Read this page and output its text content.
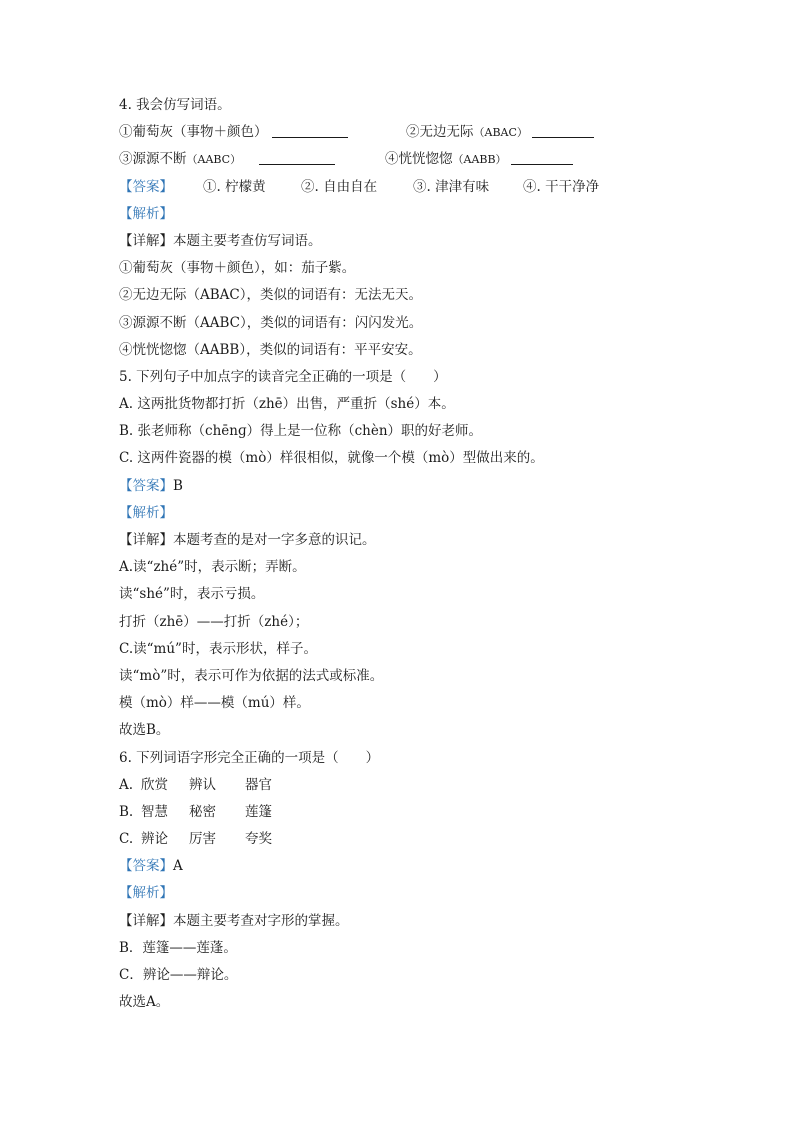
4. 我会仿写词语。
①葡萄灰（事物＋颜色）	②无边无际（ABAC）
③源源不断（AABC）	④恍恍惚惚（AABB）
【答案】 ①. 柠檬黄	②. 自由自在	③. 津津有味	④. 干干净净
【解析】
【详解】本题主要考查仿写词语。
①葡萄灰（事物＋颜色），如：茄子紫。
②无边无际（ABAC），类似的词语有：无法无天。
③源源不断（AABC），类似的词语有：闪闪发光。
④恍恍惚惚（AABB），类似的词语有：平平安安。
5. 下列句子中加点字的读音完全正确的一项是（　　）
A. 这两批货物都打折（zhē）出售，严重折（shé）本。
B. 张老师称（chēnɡ）得上是一位称（chèn）职的好老师。
C. 这两件瓷器的模（mò）样很相似，就像一个模（mò）型做出来的。
【答案】B
【解析】
【详解】本题考查的是对一字多意的识记。
A.读“zhé”时，表示断；弄断。
读“shé”时，表示亏损。
打折（zhē）——打折（zhé）；
C.读“mú”时，表示形状，样子。
读“mò”时，表示可作为依据的法式或标准。
模（mò）样——模（mú）样。
故选B。
6. 下列词语字形完全正确的一项是（　　）
A. 欣赏 辨认 器官
B. 智慧 秘密 莲篷
C. 辨论 厉害 夸奖
【答案】A
【解析】
【详解】本题主要考查对字形的掌握。
B．莲篷——莲蓬。
C．辨论——辩论。
故选A。
